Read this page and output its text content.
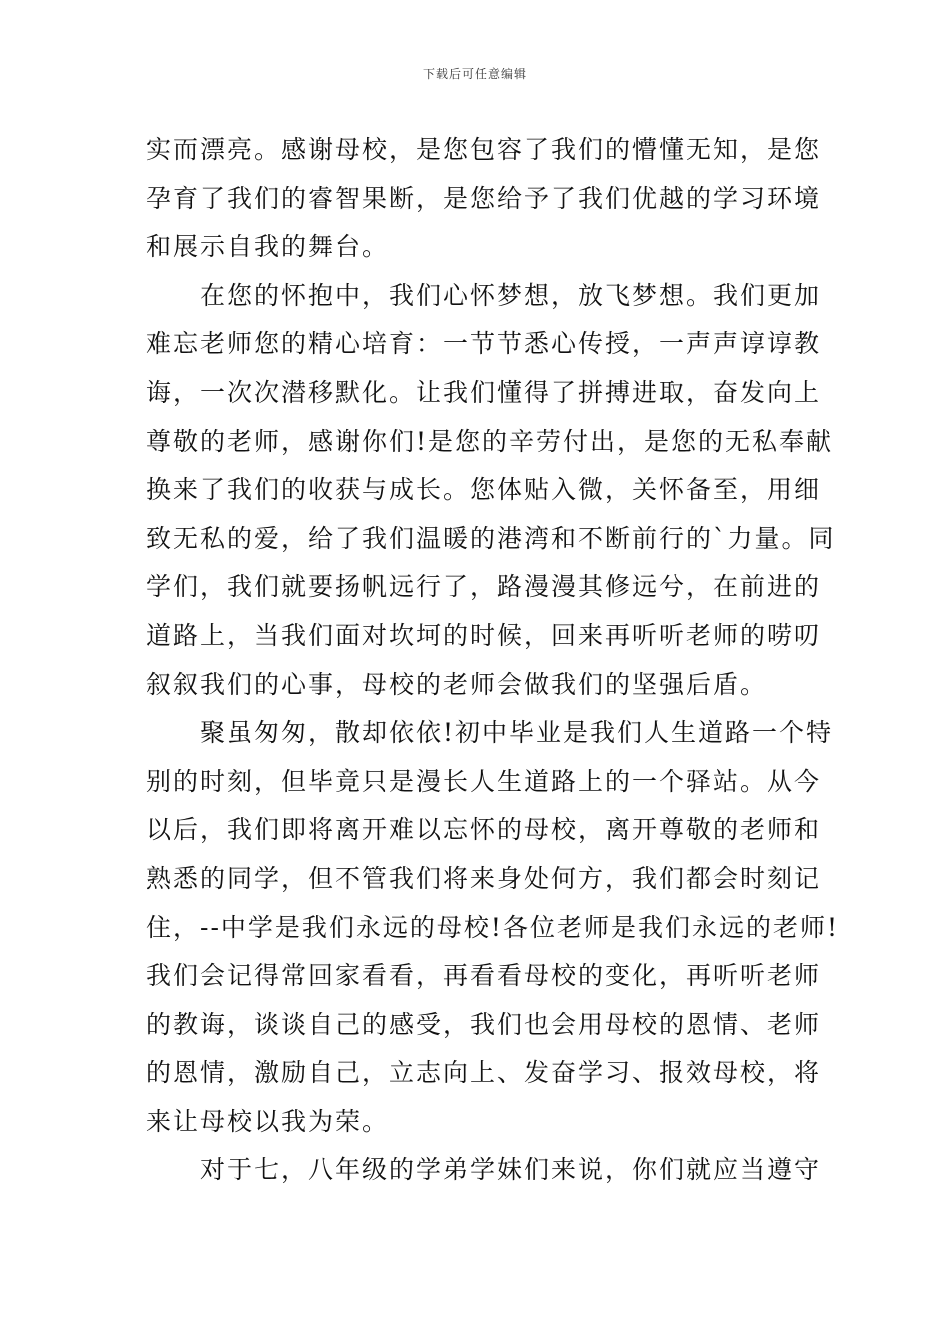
下载后可任意编辑
实而漂亮。感谢母校，是您包容了我们的懵懂无知，是您
孕育了我们的睿智果断，是您给予了我们优越的学习环境
和展示自我的舞台。
在您的怀抱中，我们心怀梦想，放飞梦想。我们更加
难忘老师您的精心培育：一节节悉心传授，一声声谆谆教
诲，一次次潜移默化。让我们懂得了拼搏进取，奋发向上
尊敬的老师，感谢你们!是您的辛劳付出，是您的无私奉献
换来了我们的收获与成长。您体贴入微，关怀备至，用细
致无私的爱，给了我们温暖的港湾和不断前行的`力量。同
学们，我们就要扬帆远行了，路漫漫其修远兮，在前进的
道路上，当我们面对坎坷的时候，回来再听听老师的唠叨
叙叙我们的心事，母校的老师会做我们的坚强后盾。
聚虽匆匆，散却依依!初中毕业是我们人生道路一个特
别的时刻，但毕竟只是漫长人生道路上的一个驿站。从今
以后，我们即将离开难以忘怀的母校，离开尊敬的老师和
熟悉的同学，但不管我们将来身处何方，我们都会时刻记
住，--中学是我们永远的母校!各位老师是我们永远的老师!
我们会记得常回家看看，再看看母校的变化，再听听老师
的教诲，谈谈自己的感受，我们也会用母校的恩情、老师
的恩情，激励自己，立志向上、发奋学习、报效母校，将
来让母校以我为荣。
对于七，八年级的学弟学妹们来说，你们就应当遵守
